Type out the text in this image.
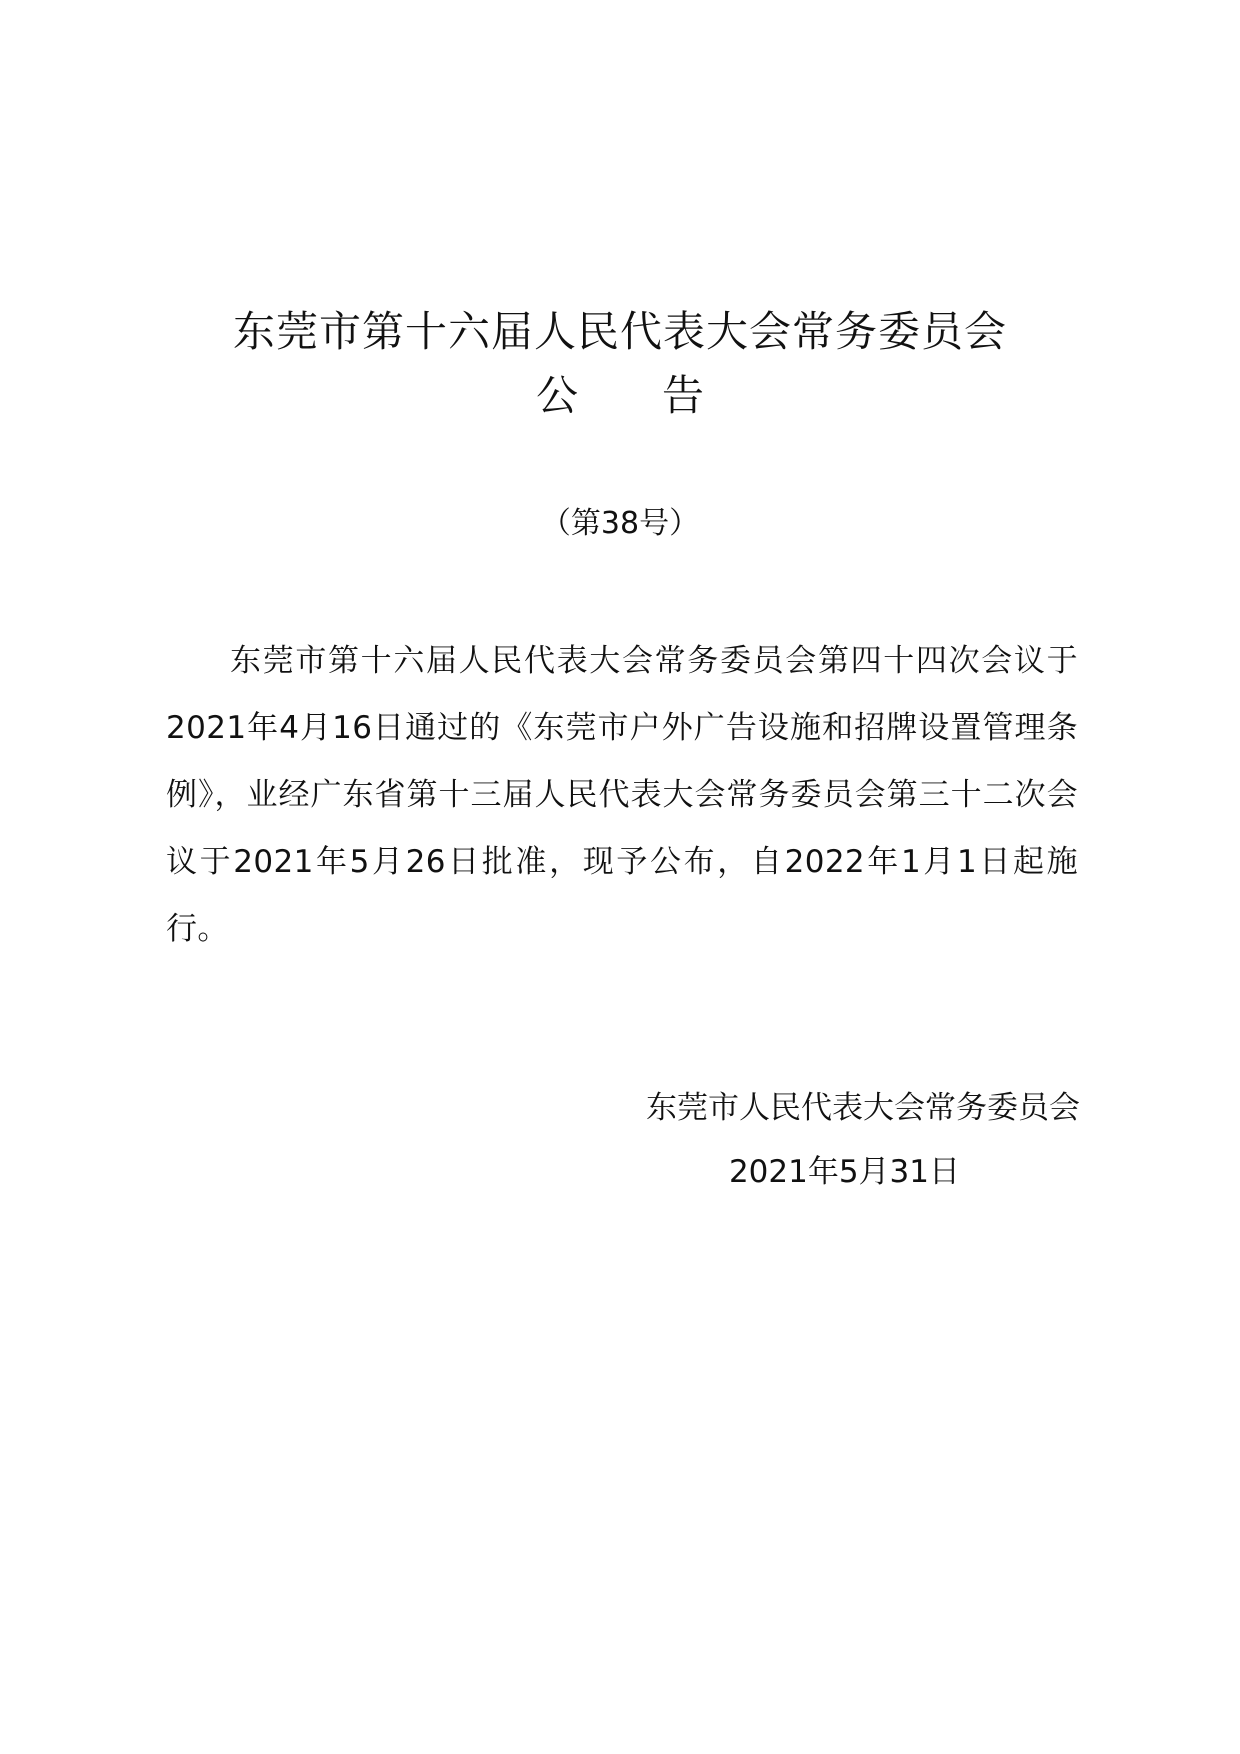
东莞市第十六届人民代表大会常务委员会
公 告
（第38号）

东莞市第十六届人民代表大会常务委员会第四十四次会议于2021年4月16日通过的《东莞市户外广告设施和招牌设置管理条例》，业经广东省第十三届人民代表大会常务委员会第三十二次会议于2021年5月26日批准，现予公布，自2022年1月1日起施行。

东莞市人民代表大会常务委员会
2021年5月31日
